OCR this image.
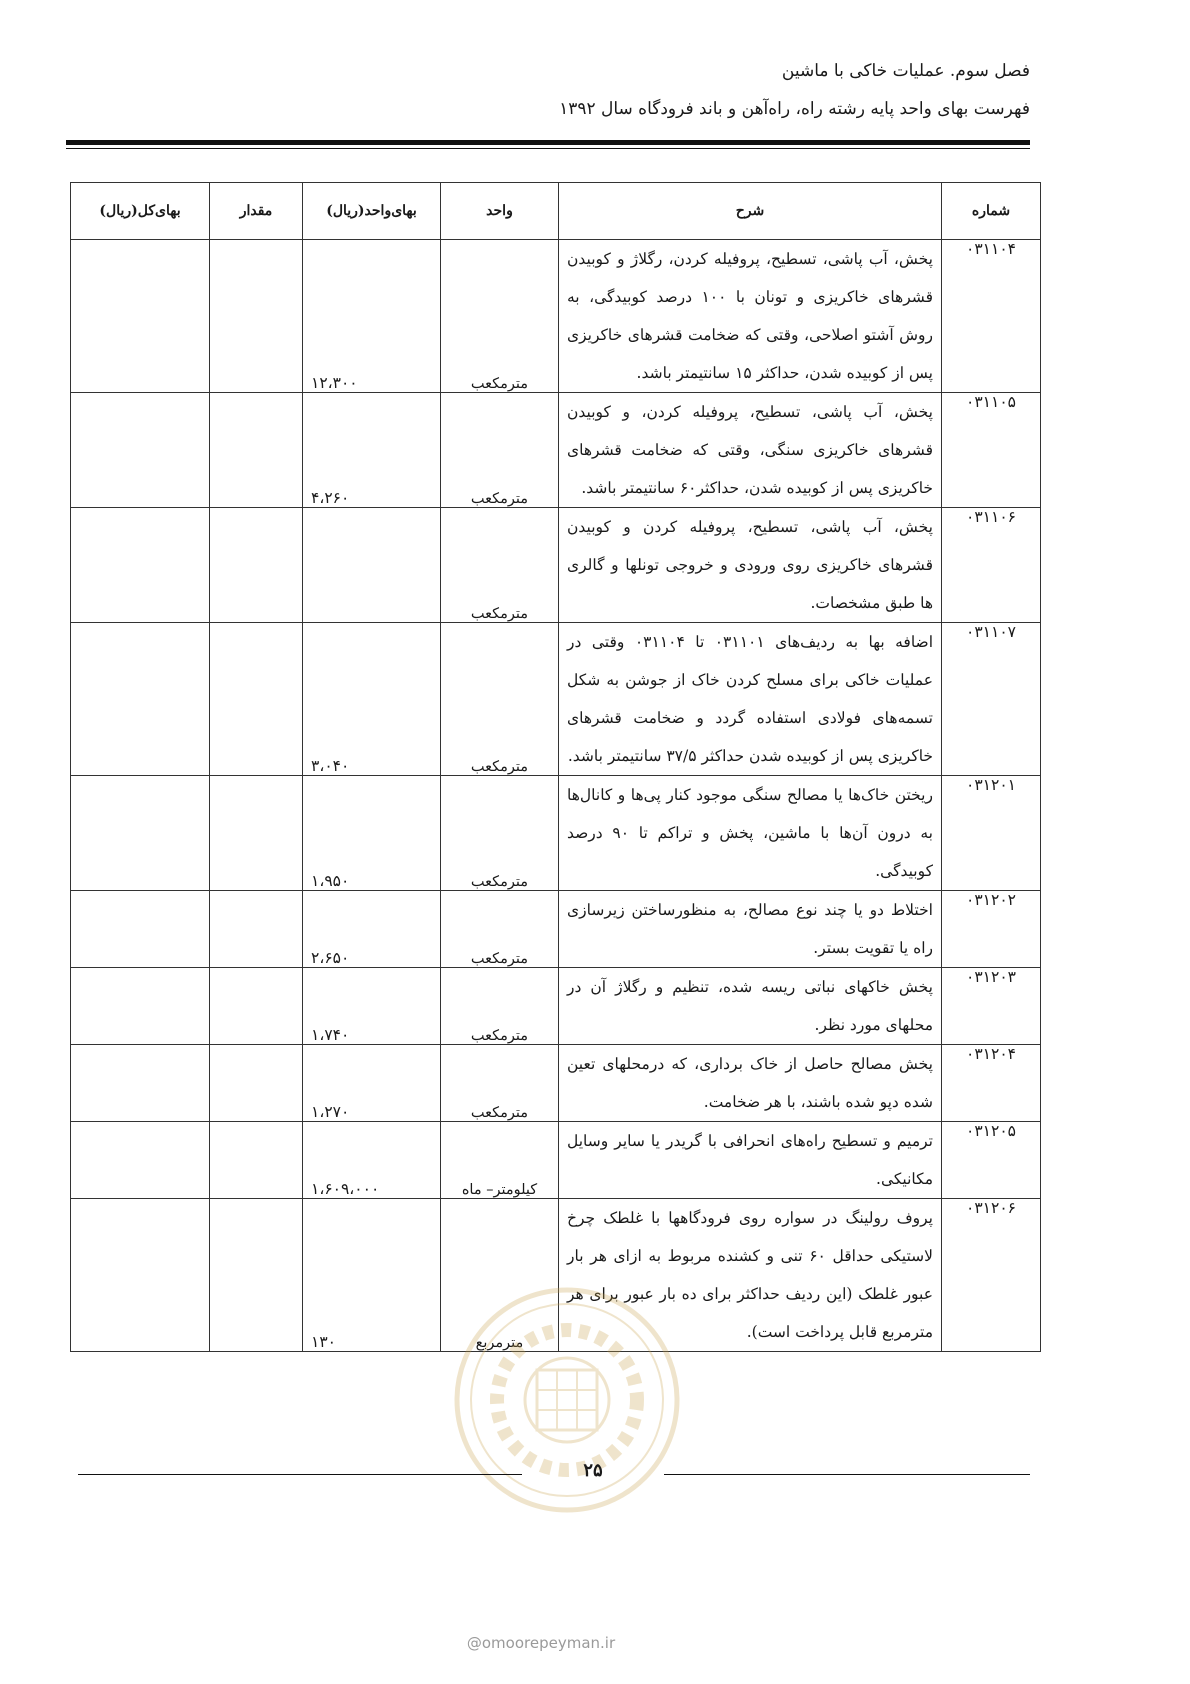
فصل سوم. عملیات خاکی با ماشین

فهرست بهای واحد پایه رشته راه، راه‌آهن و باند فرودگاه سال ۱۳۹۲

شماره	شرح	واحد	بهای‌واحد(ریال)	مقدار	بهای‌کل(ریال)
۰۳۱۱۰۴	پخش، آب پاشی، تسطیح، پروفیله کردن، رگلاژ و کوبیدن قشرهای خاکریزی و تونان با ۱۰۰ درصد کوبیدگی، به روش آشتو اصلاحی، وقتی که ضخامت قشرهای خاکریزی پس از کوبیده شدن، حداکثر ۱۵ سانتیمتر باشد.	مترمکعب	۱۲،۳۰۰		
۰۳۱۱۰۵	پخش، آب پاشی، تسطیح، پروفیله کردن، و کوبیدن قشرهای خاکریزی سنگی، وقتی که ضخامت قشرهای خاکریزی پس از کوبیده شدن، حداکثر۶۰ سانتیمتر باشد.	مترمکعب	۴،۲۶۰		
۰۳۱۱۰۶	پخش، آب پاشی، تسطیح، پروفیله کردن و کوبیدن قشرهای خاکریزی روی ورودی و خروجی تونلها و گالری ها طبق مشخصات.	مترمکعب			
۰۳۱۱۰۷	اضافه بها به ردیف‌های ۰۳۱۱۰۱ تا ۰۳۱۱۰۴ وقتی در عملیات خاکی برای مسلح کردن خاک از جوشن به شکل تسمه‌های فولادی استفاده گردد و ضخامت قشرهای خاکریزی پس از کوبیده شدن حداکثر ۳۷/۵ سانتیمتر باشد.	مترمکعب	۳،۰۴۰		
۰۳۱۲۰۱	ریختن خاک‌ها یا مصالح سنگی موجود کنار پی‌ها و کانال‌ها به درون آن‌ها با ماشین، پخش و تراکم تا ۹۰ درصد کوبیدگی.	مترمکعب	۱،۹۵۰		
۰۳۱۲۰۲	اختلاط دو یا چند نوع مصالح، به منظورساختن زیرسازی راه یا تقویت بستر.	مترمکعب	۲،۶۵۰		
۰۳۱۲۰۳	پخش خاکهای نباتی ریسه شده، تنظیم و رگلاژ آن در محلهای مورد نظر.	مترمکعب	۱،۷۴۰		
۰۳۱۲۰۴	پخش مصالح حاصل از خاک برداری، که درمحلهای تعین شده دپو شده باشند، با هر ضخامت.	مترمکعب	۱،۲۷۰		
۰۳۱۲۰۵	ترمیم و تسطیح راه‌های انحرافی با گریدر یا سایر وسایل مکانیکی.	کیلومتر– ماه	۱،۶۰۹،۰۰۰		
۰۳۱۲۰۶	پروف رولینگ در سواره روی فرودگاهها با غلطک چرخ لاستیکی حداقل ۶۰ تنی و کشنده مربوط به ازای هر بار عبور غلطک (این ردیف حداکثر برای ده بار عبور برای هر مترمربع قابل پرداخت است).	مترمربع	۱۳۰		
۲۵
@omoorepeyman.ir
